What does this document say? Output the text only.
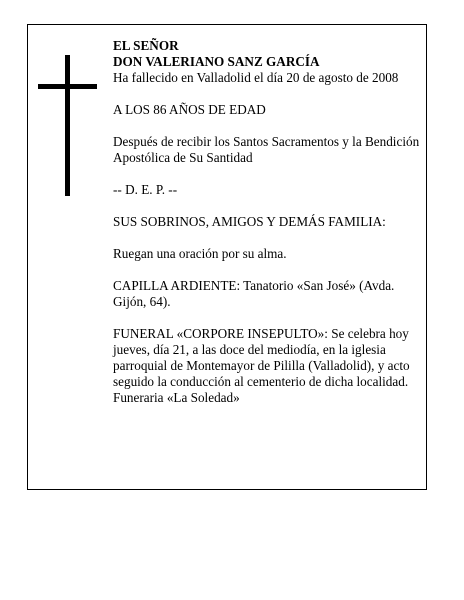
EL SEÑOR
DON VALERIANO SANZ GARCÍA
Ha fallecido en Valladolid el día 20 de agosto de 2008
A LOS 86 AÑOS DE EDAD
Después de recibir los Santos Sacramentos y la Bendición Apostólica de Su Santidad
-- D. E. P. --
SUS SOBRINOS, AMIGOS Y DEMÁS FAMILIA:
Ruegan una oración por su alma.
CAPILLA ARDIENTE: Tanatorio «San José» (Avda. Gijón, 64).
FUNERAL «CORPORE INSEPULTO»: Se celebra hoy jueves, día 21, a las doce del mediodía, en la iglesia parroquial de Montemayor de Pililla (Valladolid), y acto seguido la conducción al cementerio de dicha localidad.
Funeraria «La Soledad»
